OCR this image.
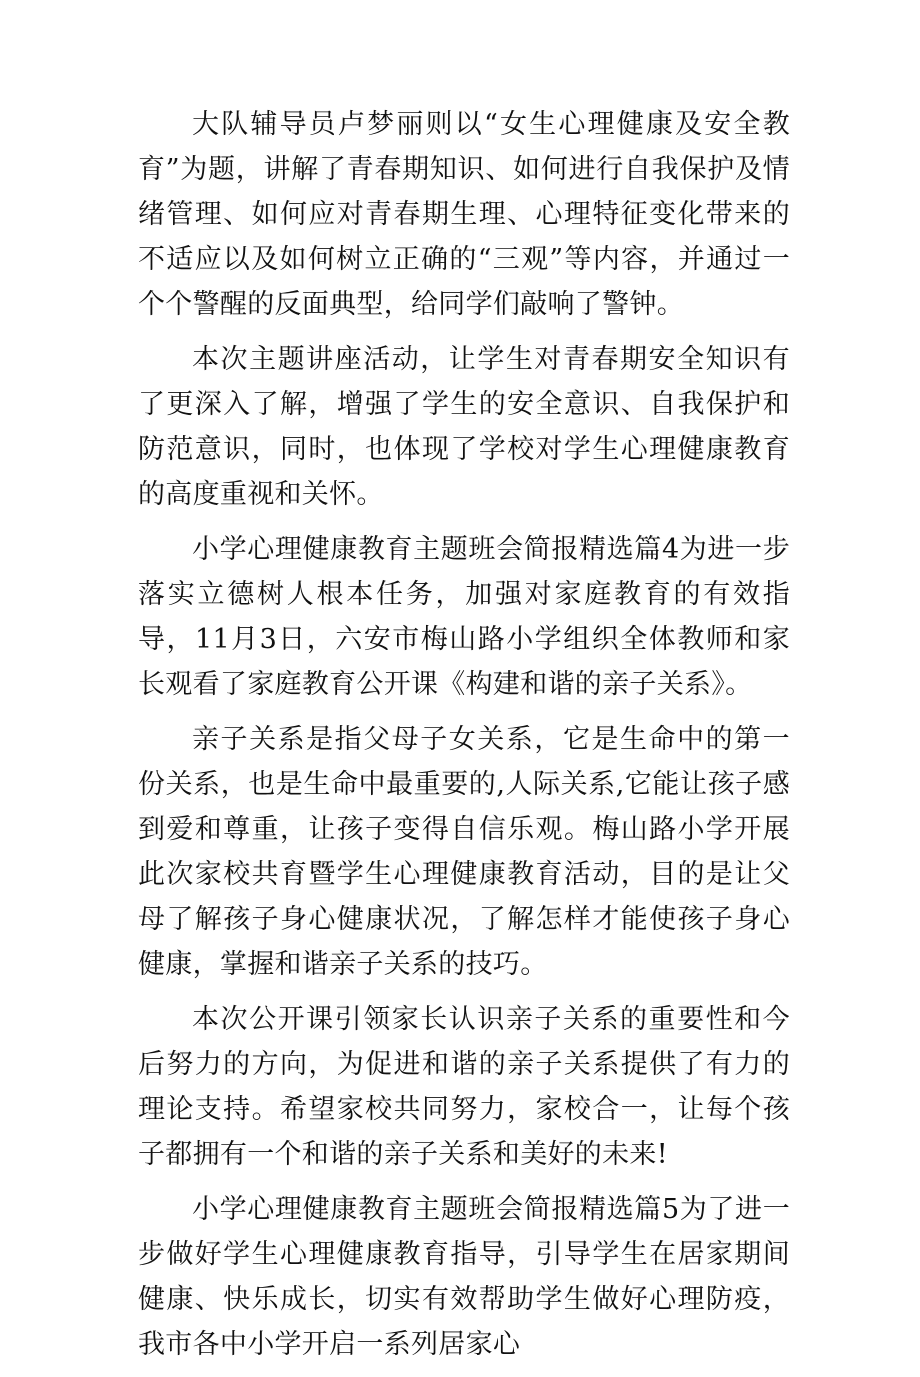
大队辅导员卢梦丽则以“女生心理健康及安全教育”为题，讲解了青春期知识、如何进行自我保护及情绪管理、如何应对青春期生理、心理特征变化带来的不适应以及如何树立正确的“三观”等内容，并通过一个个警醒的反面典型，给同学们敲响了警钟。

本次主题讲座活动，让学生对青春期安全知识有了更深入了解，增强了学生的安全意识、自我保护和防范意识，同时，也体现了学校对学生心理健康教育的高度重视和关怀。

小学心理健康教育主题班会简报精选篇4为进一步落实立德树人根本任务，加强对家庭教育的有效指导，11月3日，六安市梅山路小学组织全体教师和家长观看了家庭教育公开课《构建和谐的亲子关系》。

亲子关系是指父母子女关系，它是生命中的第一份关系，也是生命中最重要的,人际关系,它能让孩子感到爱和尊重，让孩子变得自信乐观。梅山路小学开展此次家校共育暨学生心理健康教育活动，目的是让父母了解孩子身心健康状况，了解怎样才能使孩子身心健康，掌握和谐亲子关系的技巧。

本次公开课引领家长认识亲子关系的重要性和今后努力的方向，为促进和谐的亲子关系提供了有力的理论支持。希望家校共同努力，家校合一，让每个孩子都拥有一个和谐的亲子关系和美好的未来!

小学心理健康教育主题班会简报精选篇5为了进一步做好学生心理健康教育指导，引导学生在居家期间健康、快乐成长，切实有效帮助学生做好心理防疫，我市各中小学开启一系列居家心
